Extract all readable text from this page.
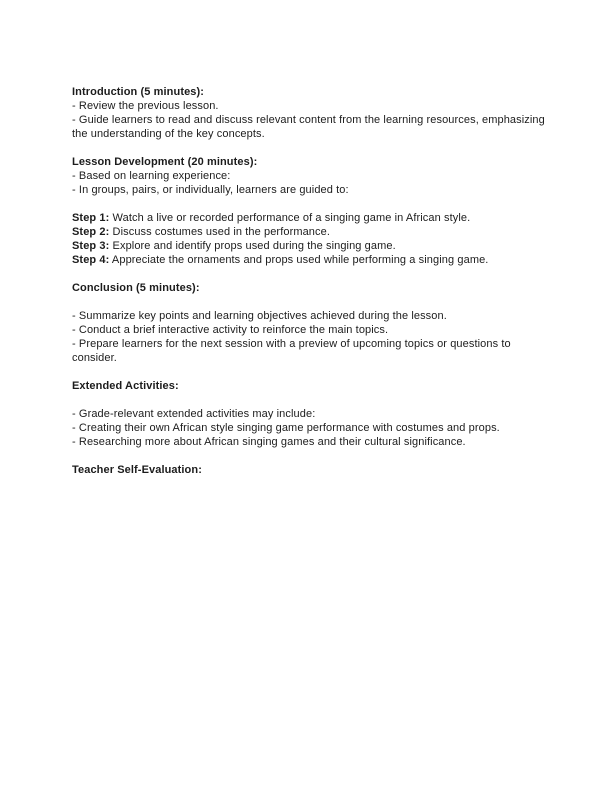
Introduction (5 minutes):
- Review the previous lesson.
- Guide learners to read and discuss relevant content from the learning resources, emphasizing the understanding of the key concepts.
Lesson Development (20 minutes):
- Based on learning experience:
- In groups, pairs, or individually, learners are guided to:
Step 1: Watch a live or recorded performance of a singing game in African style.
Step 2: Discuss costumes used in the performance.
Step 3: Explore and identify props used during the singing game.
Step 4: Appreciate the ornaments and props used while performing a singing game.
Conclusion (5 minutes):
- Summarize key points and learning objectives achieved during the lesson.
- Conduct a brief interactive activity to reinforce the main topics.
- Prepare learners for the next session with a preview of upcoming topics or questions to consider.
Extended Activities:
- Grade-relevant extended activities may include:
- Creating their own African style singing game performance with costumes and props.
- Researching more about African singing games and their cultural significance.
Teacher Self-Evaluation:
